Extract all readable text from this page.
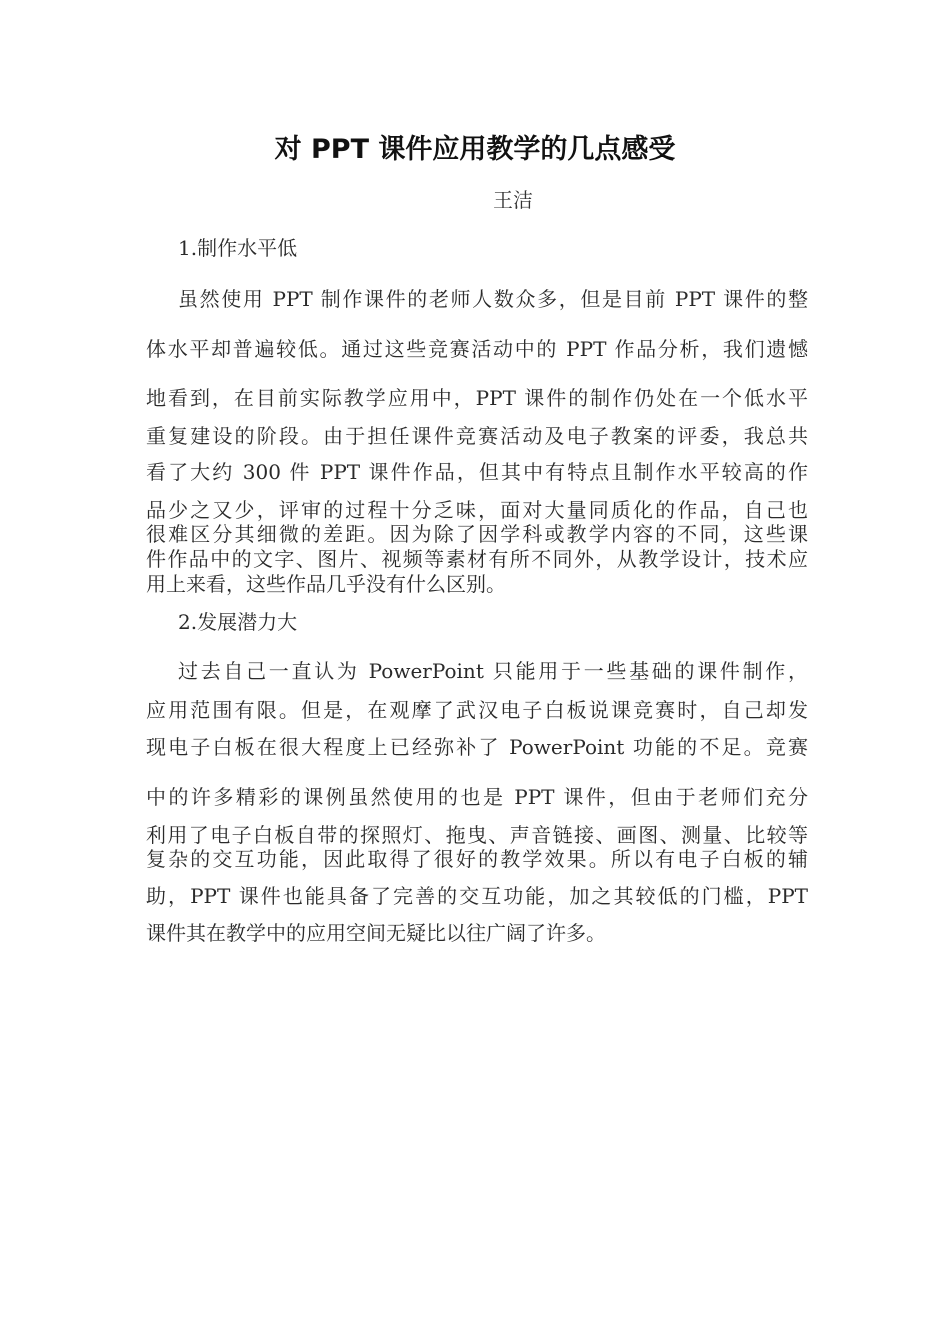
对 PPT 课件应用教学的几点感受
王洁
1.制作水平低
虽然使用 PPT 制作课件的老师人数众多，但是目前 PPT 课件的整
体水平却普遍较低。通过这些竞赛活动中的 PPT 作品分析，我们遗憾
地看到，在目前实际教学应用中，PPT 课件的制作仍处在一个低水平
重复建设的阶段。由于担任课件竞赛活动及电子教案的评委，我总共
看了大约 300 件 PPT 课件作品，但其中有特点且制作水平较高的作
品少之又少，评审的过程十分乏味，面对大量同质化的作品，自己也
很难区分其细微的差距。因为除了因学科或教学内容的不同，这些课
件作品中的文字、图片、视频等素材有所不同外，从教学设计，技术应
用上来看，这些作品几乎没有什么区别。
2.发展潜力大
过去自己一直认为 PowerPoint 只能用于一些基础的课件制作，
应用范围有限。但是，在观摩了武汉电子白板说课竞赛时，自己却发
现电子白板在很大程度上已经弥补了 PowerPoint 功能的不足。竞赛
中的许多精彩的课例虽然使用的也是 PPT 课件，但由于老师们充分
利用了电子白板自带的探照灯、拖曳、声音链接、画图、测量、比较等
复杂的交互功能，因此取得了很好的教学效果。所以有电子白板的辅
助，PPT 课件也能具备了完善的交互功能，加之其较低的门槛，PPT
课件其在教学中的应用空间无疑比以往广阔了许多。
